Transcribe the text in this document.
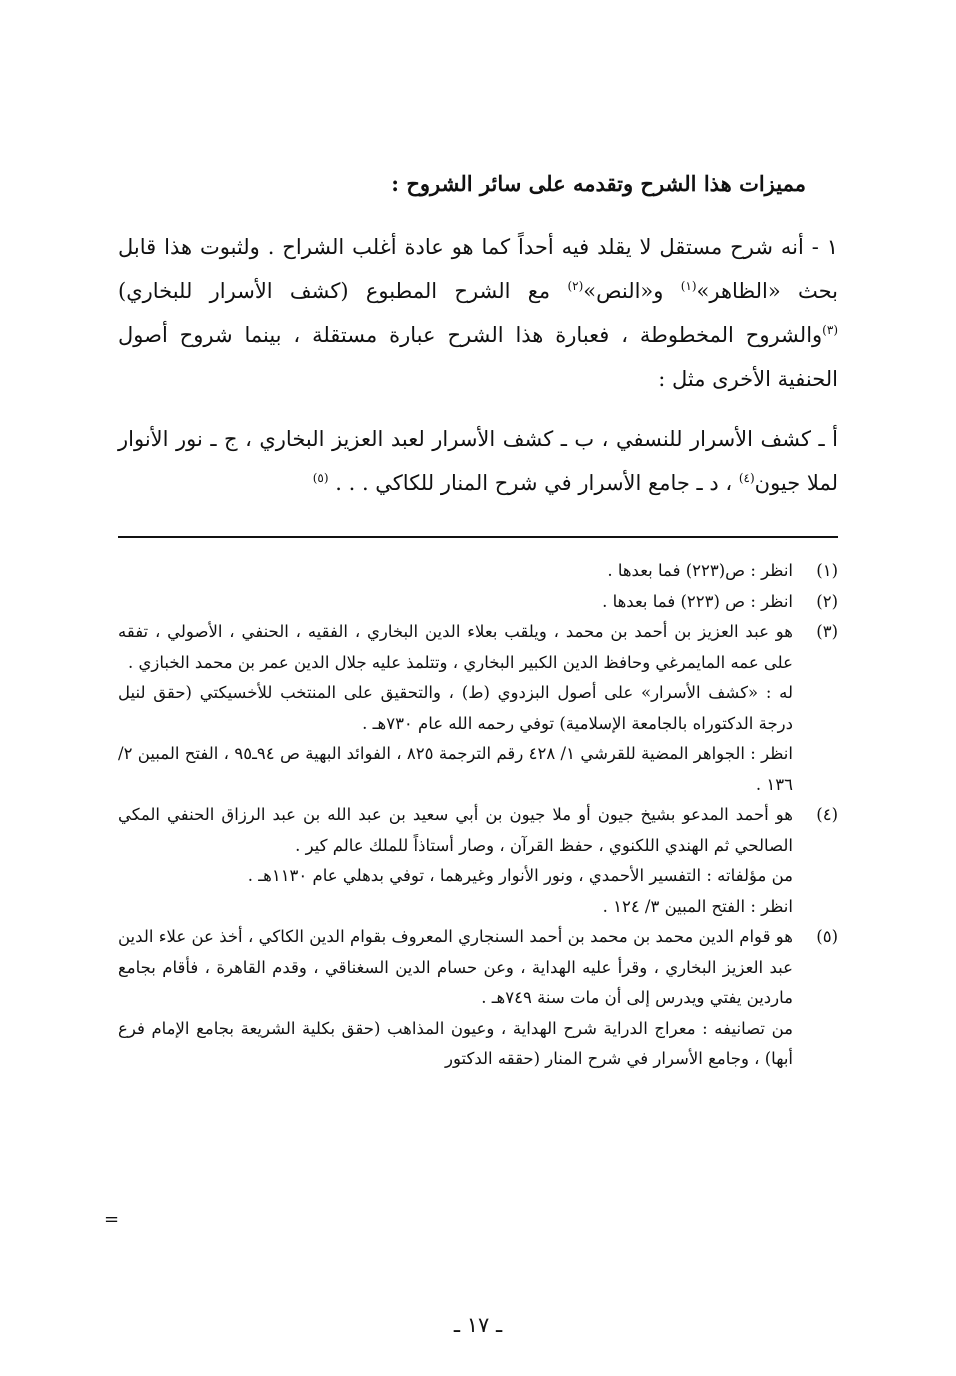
مميزات هذا الشرح وتقدمه على سائر الشروح :

١ - أنه شرح مستقل لا يقلد فيه أحداً كما هو عادة أغلب الشراح . ولثبوت هذا قابل بحث «الظاهر»$^{(١)}$ و«النص»$^{(٢)}$ مع الشرح المطبوع (كشف الأسرار للبخاري)$^{(٣)}$والشروح المخطوطة ، فعبارة هذا الشرح عبارة مستقلة ، بينما شروح أصول الحنفية الأخرى مثل :

أ ـ كشف الأسرار للنسفي ، ب ـ كشف الأسرار لعبد العزيز البخاري ، ج ـ نور الأنوار لملا جيون$^{(٤)}$ ، د ـ جامع الأسرار في شرح المنار للكاكي . . . $^{(٥)}$

(١)
انظر : ص(٢٢٣) فما بعدها .
(٢)
انظر : ص (٢٢٣) فما بعدها .
(٣)
هو عبد العزيز بن أحمد بن محمد ، ويلقب بعلاء الدين البخاري ، الفقيه ، الحنفي ، الأصولي ، تفقه على عمه المايمرغي وحافظ الدين الكبير البخاري ، وتتلمذ عليه جلال الدين عمر بن محمد الخبازي .
له : «كشف الأسرار» على أصول البزدوي (ط) ، والتحقيق على المنتخب للأخسيكتي (حقق لنيل درجة الدكتوراه بالجامعة الإسلامية) توفي رحمه الله عام ٧٣٠هـ .
انظر : الجواهر المضية للقرشي ١/ ٤٢٨ رقم الترجمة ٨٢٥ ، الفوائد البهية ص ٩٤ـ٩٥ ، الفتح المبين ٢/ ١٣٦ .
(٤)
هو أحمد المدعو بشيخ جيون أو ملا جيون بن أبي سعيد بن عبد الله بن عبد الرزاق الحنفي المكي الصالحي ثم الهندي اللكنوي ، حفظ القرآن ، وصار أستاذاً للملك عالم كير .
من مؤلفاته : التفسير الأحمدي ، ونور الأنوار وغيرهما ، توفي بدهلي عام ١١٣٠هـ .
انظر : الفتح المبين ٣/ ١٢٤ .
(٥)
هو قوام الدين محمد بن محمد بن أحمد السنجاري المعروف بقوام الدين الكاكي ، أخذ عن علاء الدين عبد العزيز البخاري ، وقرأ عليه الهداية ، وعن حسام الدين السغناقي ، وقدم القاهرة ، فأقام بجامع ماردين يفتي ويدرس إلى أن مات سنة ٧٤٩هـ .
من تصانيفه : معراج الدراية شرح الهداية ، وعيون المذاهب (حقق بكلية الشريعة بجامع الإمام فرع أبها) ، وجامع الأسرار في شرح المنار (حققه الدكتور
=
ـ ١٧ ـ
